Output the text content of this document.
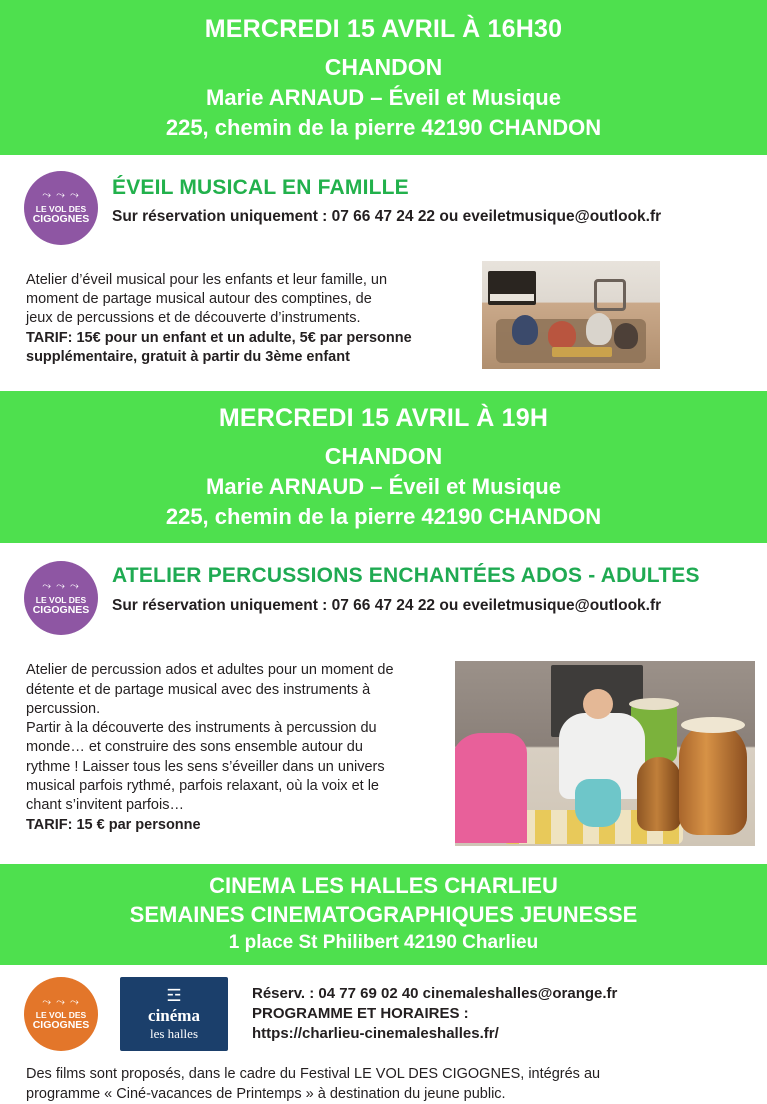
MERCREDI 15 AVRIL À 16H30
CHANDON
Marie ARNAUD – Éveil et Musique
225, chemin de la pierre 42190 CHANDON
⤳ ⤳ ⤳
LE VOL DES
CIGOGNES
ÉVEIL MUSICAL EN FAMILLE
Sur réservation uniquement : 07 66 47 24 22 ou eveiletmusique@outlook.fr
Atelier d’éveil musical pour les enfants et leur famille, un
moment de partage musical autour des comptines, de
jeux de percussions et de découverte d’instruments.
TARIF: 15€ pour un enfant et un adulte, 5€ par personne
supplémentaire, gratuit à partir du 3ème enfant
MERCREDI 15 AVRIL À 19H
CHANDON
Marie ARNAUD – Éveil et Musique
225, chemin de la pierre 42190 CHANDON
⤳ ⤳ ⤳
LE VOL DES
CIGOGNES
ATELIER PERCUSSIONS ENCHANTÉES ADOS - ADULTES
Sur réservation uniquement : 07 66 47 24 22 ou eveiletmusique@outlook.fr
Atelier de percussion ados et adultes pour un moment de
détente et de partage musical avec des instruments à
percussion.
Partir à la découverte des instruments à percussion du
monde… et construire des sons ensemble autour du
rythme ! Laisser tous les sens s’éveiller dans un univers
musical parfois rythmé, parfois relaxant, où la voix et le
chant s’invitent parfois…
TARIF: 15 € par personne
CINEMA LES HALLES CHARLIEU
SEMAINES CINEMATOGRAPHIQUES JEUNESSE
1 place St Philibert 42190 Charlieu
⤳ ⤳ ⤳
LE VOL DES
CIGOGNES
☲
cinéma
les halles
Réserv. : 04 77 69 02 40 cinemaleshalles@orange.fr
PROGRAMME ET HORAIRES :
https://charlieu-cinemaleshalles.fr/
Des films sont proposés, dans le cadre du Festival LE VOL DES CIGOGNES, intégrés au
programme « Ciné-vacances de Printemps » à destination du jeune public.
